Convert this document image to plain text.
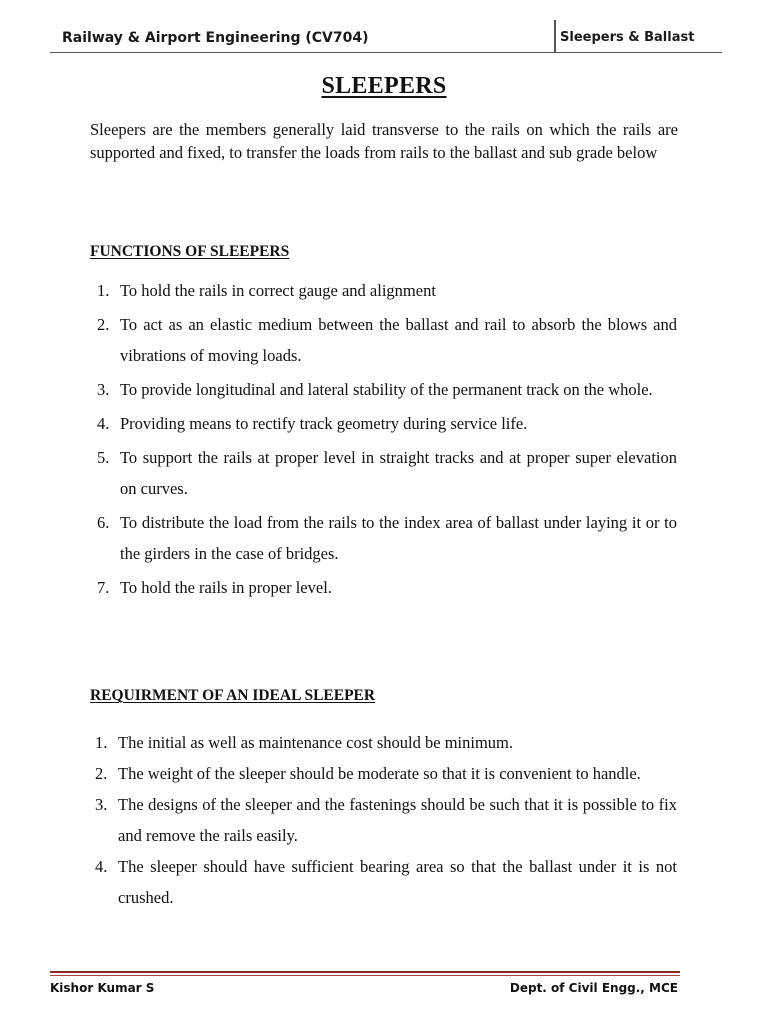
Railway & Airport Engineering (CV704)	Sleepers & Ballast
SLEEPERS

Sleepers are the members generally laid transverse to the rails on which the rails are supported and fixed, to transfer the loads from rails to the ballast and sub grade below

FUNCTIONS OF SLEEPERS
1. To hold the rails in correct gauge and alignment
2. To act as an elastic medium between the ballast and rail to absorb the blows and vibrations of moving loads.
3. To provide longitudinal and lateral stability of the permanent track on the whole.
4. Providing means to rectify track geometry during service life.
5. To support the rails at proper level in straight tracks and at proper super elevation on curves.
6. To distribute the load from the rails to the index area of ballast under laying it or to the girders in the case of bridges.
7. To hold the rails in proper level.
REQUIRMENT OF AN IDEAL SLEEPER
1. The initial as well as maintenance cost should be minimum.
2. The weight of the sleeper should be moderate so that it is convenient to handle.
3. The designs of the sleeper and the fastenings should be such that it is possible to fix and remove the rails easily.
4. The sleeper should have sufficient bearing area so that the ballast under it is not crushed.
Kishor Kumar S	Dept. of Civil Engg., MCE
